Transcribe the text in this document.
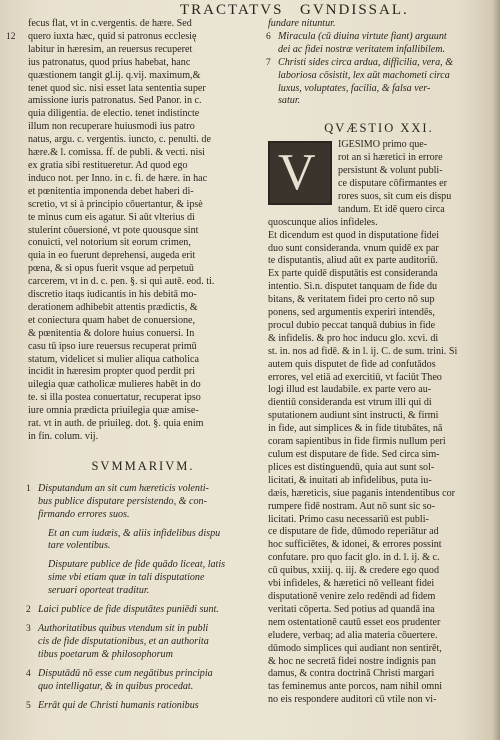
TRACTATVS GVNDISSAL.
fecus flat, vt in c.vergentis. de hære. Sed
12 quero iuxta hæc, quid si patronus ecclesię
labitur in hæresim, an reuersus recuperet
ius patronatus, quod prius habebat, hanc
quæstionem tangit gl.ij. q.vij. maximum,&
tenet quod sic. nisi esset lata sententia super
amissione iuris patronatus. Sed Panor. in c.
quia diligentia. de electio. tenet indistincte
illum non recuperare huiusmodi ius patro
natus, argu. c. vergentis. iuncto, c. penulti. de
hære.& l. comissa. ff. de publi. & vecti. nisi
ex gratia sibi restitueretur. Ad quod ego
induco not. per Inno. in c. fi. de hære. in hac
et pœnitentia imponenda debet haberi di-
scretio, vt si à principio côuertantur, & ipsè
te minus cum eis agatur. Si aūt vlterius di
stulerint côuersioné, vt pote quousque sint
conuicti, vel notorium sit eorum crimen,
quia in eo fuerunt deprehensi, augeda erit
pœna, & si opus fuerit vsque ad perpetuū
carcerem, vt in d. c. pen. §. si qui autē. eod. ti.
discretio itaqs iudicantis in his debitā mo-
derationem adhibebit attentis prædictis, &
et coniectura quam habet de conuersione,
& pœnitentia & dolore huius conuersi. In
casu tū ipso iure reuersus recuperat primū
statum, videlicet si mulier aliqua catholica
incidit in hæresim propter quod perdit pri
uilegia quæ catholicæ mulieres habēt in do
te. si illa postea conuertatur, recuperat ipso
iure omnia prædicta priuilegia quæ amise-
rat. vt in auth. de priuileg. dot. §. quia enim
in fin. colum. vij.
SVMMARIVM.
1 Disputandum an sit cum hæreticis volenti-
bus publice disputare persistendo, & con-
firmando errores suos.
Et an cum iudæis, & aliis infidelibus dispu
tare volentibus.
Disputare publice de fide quādo liceat, latis
sime vbi etiam quæ in tali disputatione
seruari oporteat traditur.
2 Laici publice de fide disputātes puniēdi sunt.
3 Authoritatibus quibus vtendum sit in publi
cis de fide disputationibus, et an authorita
tibus poetarum & philosophorum
4 Disputādū nō esse cum negātibus principia
quo intelligatur, & in quibus procedat.
5 Errāt qui de Christi humanis rationibus
fundare nituntur.
6 Miracula (cū diuina virtute fiant) arguunt
dei ac fidei nostræ veritatem infallibilem.
7 Christi sides circa ardua, difficilia, vera, &
laboriosa cōsistit, lex aūt machometi circa
luxus, voluptates, facilia, & falsa ver-
satur.
QVÆSTIO XXI.
V	IGESIMO primo que-
rot an si hæretici in errore
persistunt & volunt publi-
ce disputare cōfirmantes er
rores suos, sit cum eis dispu
tandum. Et idē quero circa
quoscunque alios infideles.
Et dicendum est quod in disputatione fidei
duo sunt consideranda. vnum quidē ex par
te disputantis, aliud aūt ex parte auditoriū.
Ex parte quidē disputātis est consideranda
intentio. Si.n. disputet tanquam de fide du
bitans, & veritatem fidei pro certo nō sup
ponens, sed argumentis experiri intendēs,
procul dubio peccat tanquā dubius in fide
& infidelis. & pro hoc inducu glo. xcvi. di
st. in. nos ad fidē. & in l. ij. C. de sum. trini. Si
autem quis disputet de fide ad confutādos
errores, vel etiā ad exercitiū, vt faciūt Theo
logi illud est laudabile. ex parte vero au-
dientiū consideranda est vtrum illi qui di
sputationem audiunt sint instructi, & firmi
in fide, aut simplices & in fide titubātes, nā
coram sapientibus in fide firmis nullum peri
culum est disputare de fide. Sed circa sim-
plices est distinguendū, quia aut sunt sol-
licitati, & inuitati ab infidelibus, puta iu-
dæis, hæreticis, siue paganis intendentibus cor
rumpere fidē nostram. Aut nō sunt sic so-
licitati. Primo casu necessariū est publi-
ce disputare de fide, dūmodo reperiātur ad
hoc sufficiētes, & idonei, & errores possint
confutare. pro quo facit glo. in d. l. ij. & c.
cū quibus, xxiij. q. iij. & credere ego quod
vbi infideles, & hæretici nō velleant fidei
disputationē venire zelo redēndi ad fidem
veritati cōperta. Sed potius ad quandā ina
nem ostentationē cautū esset eos prudenter
eludere, verbaq; ad alia materia cōuertere.
dūmodo simplices qui audiant non sentirēt,
& hoc ne secretā fidei nostre indignis pan
damus, & contra doctrinā Christi margari
tas feminemus ante porcos, nam nihil omni
no eis respondere auditori cū vtile non vi-
